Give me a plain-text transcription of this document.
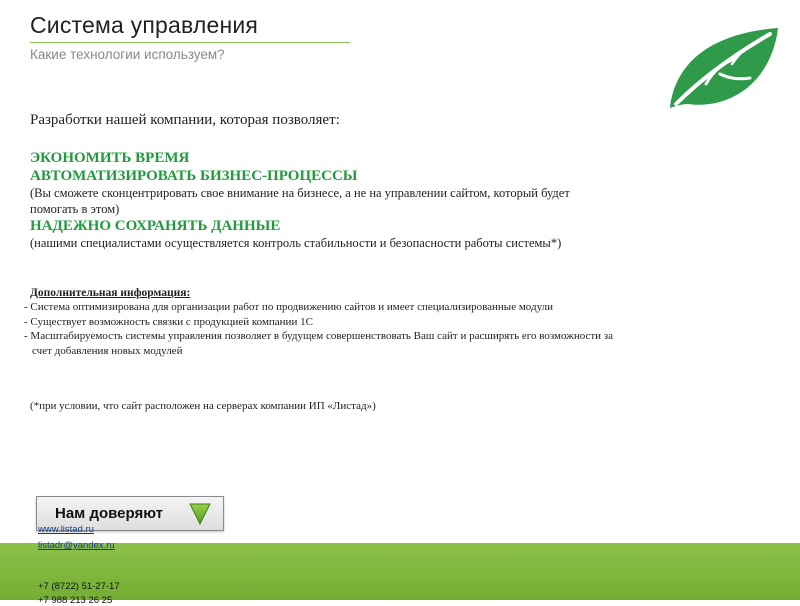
Система управления
Какие технологии используем?
Разработки нашей компании, которая позволяет:
ЭКОНОМИТЬ ВРЕМЯ
АВТОМАТИЗИРОВАТЬ БИЗНЕС-ПРОЦЕССЫ
(Вы сможете сконцентрировать свое внимание на бизнесе, а не на управлении сайтом, который будет помогать в этом)
НАДЕЖНО СОХРАНЯТЬ ДАННЫЕ
(нашими специалистами осуществляется контроль стабильности и безопасности работы системы*)
Дополнительная информация:
- Система оптимизирована для организации работ по продвижению сайтов и имеет специализированные модули
- Существует возможность связки с продукцией компании 1С
- Масштабируемость системы управления позволяет в будущем совершенствовать Ваш сайт и расширять его возможности за счет добавления новых модулей
(*при условии, что сайт расположен на серверах компании ИП «Листад»)
Нам доверяют
www.listad.ru
listadr@yandex.ru
+7 (8722) 51-27-17
+7 988 213 26 25
